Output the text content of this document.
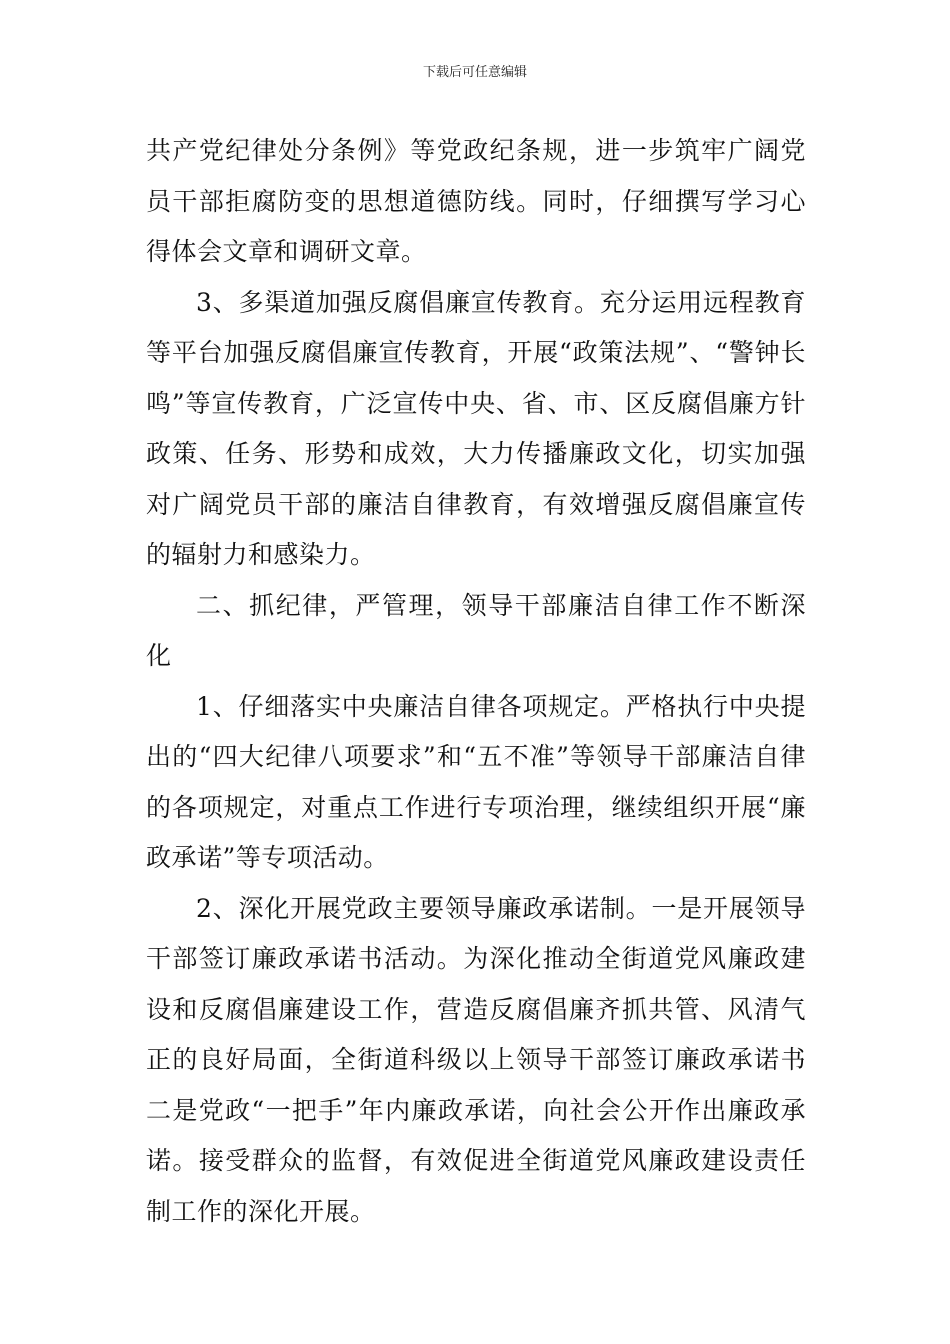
下载后可任意编辑

共产党纪律处分条例》等党政纪条规，进一步筑牢广阔党员干部拒腐防变的思想道德防线。同时，仔细撰写学习心得体会文章和调研文章。

3、多渠道加强反腐倡廉宣传教育。充分运用远程教育等平台加强反腐倡廉宣传教育，开展“政策法规”、“警钟长鸣”等宣传教育，广泛宣传中央、省、市、区反腐倡廉方针政策、任务、形势和成效，大力传播廉政文化，切实加强对广阔党员干部的廉洁自律教育，有效增强反腐倡廉宣传的辐射力和感染力。

二、抓纪律，严管理，领导干部廉洁自律工作不断深化

1、仔细落实中央廉洁自律各项规定。严格执行中央提出的“四大纪律八项要求”和“五不准”等领导干部廉洁自律的各项规定，对重点工作进行专项治理，继续组织开展“廉政承诺”等专项活动。

2、深化开展党政主要领导廉政承诺制。一是开展领导干部签订廉政承诺书活动。为深化推动全街道党风廉政建设和反腐倡廉建设工作，营造反腐倡廉齐抓共管、风清气正的良好局面，全街道科级以上领导干部签订廉政承诺书二是党政“一把手”年内廉政承诺，向社会公开作出廉政承诺。接受群众的监督，有效促进全街道党风廉政建设责任制工作的深化开展。
